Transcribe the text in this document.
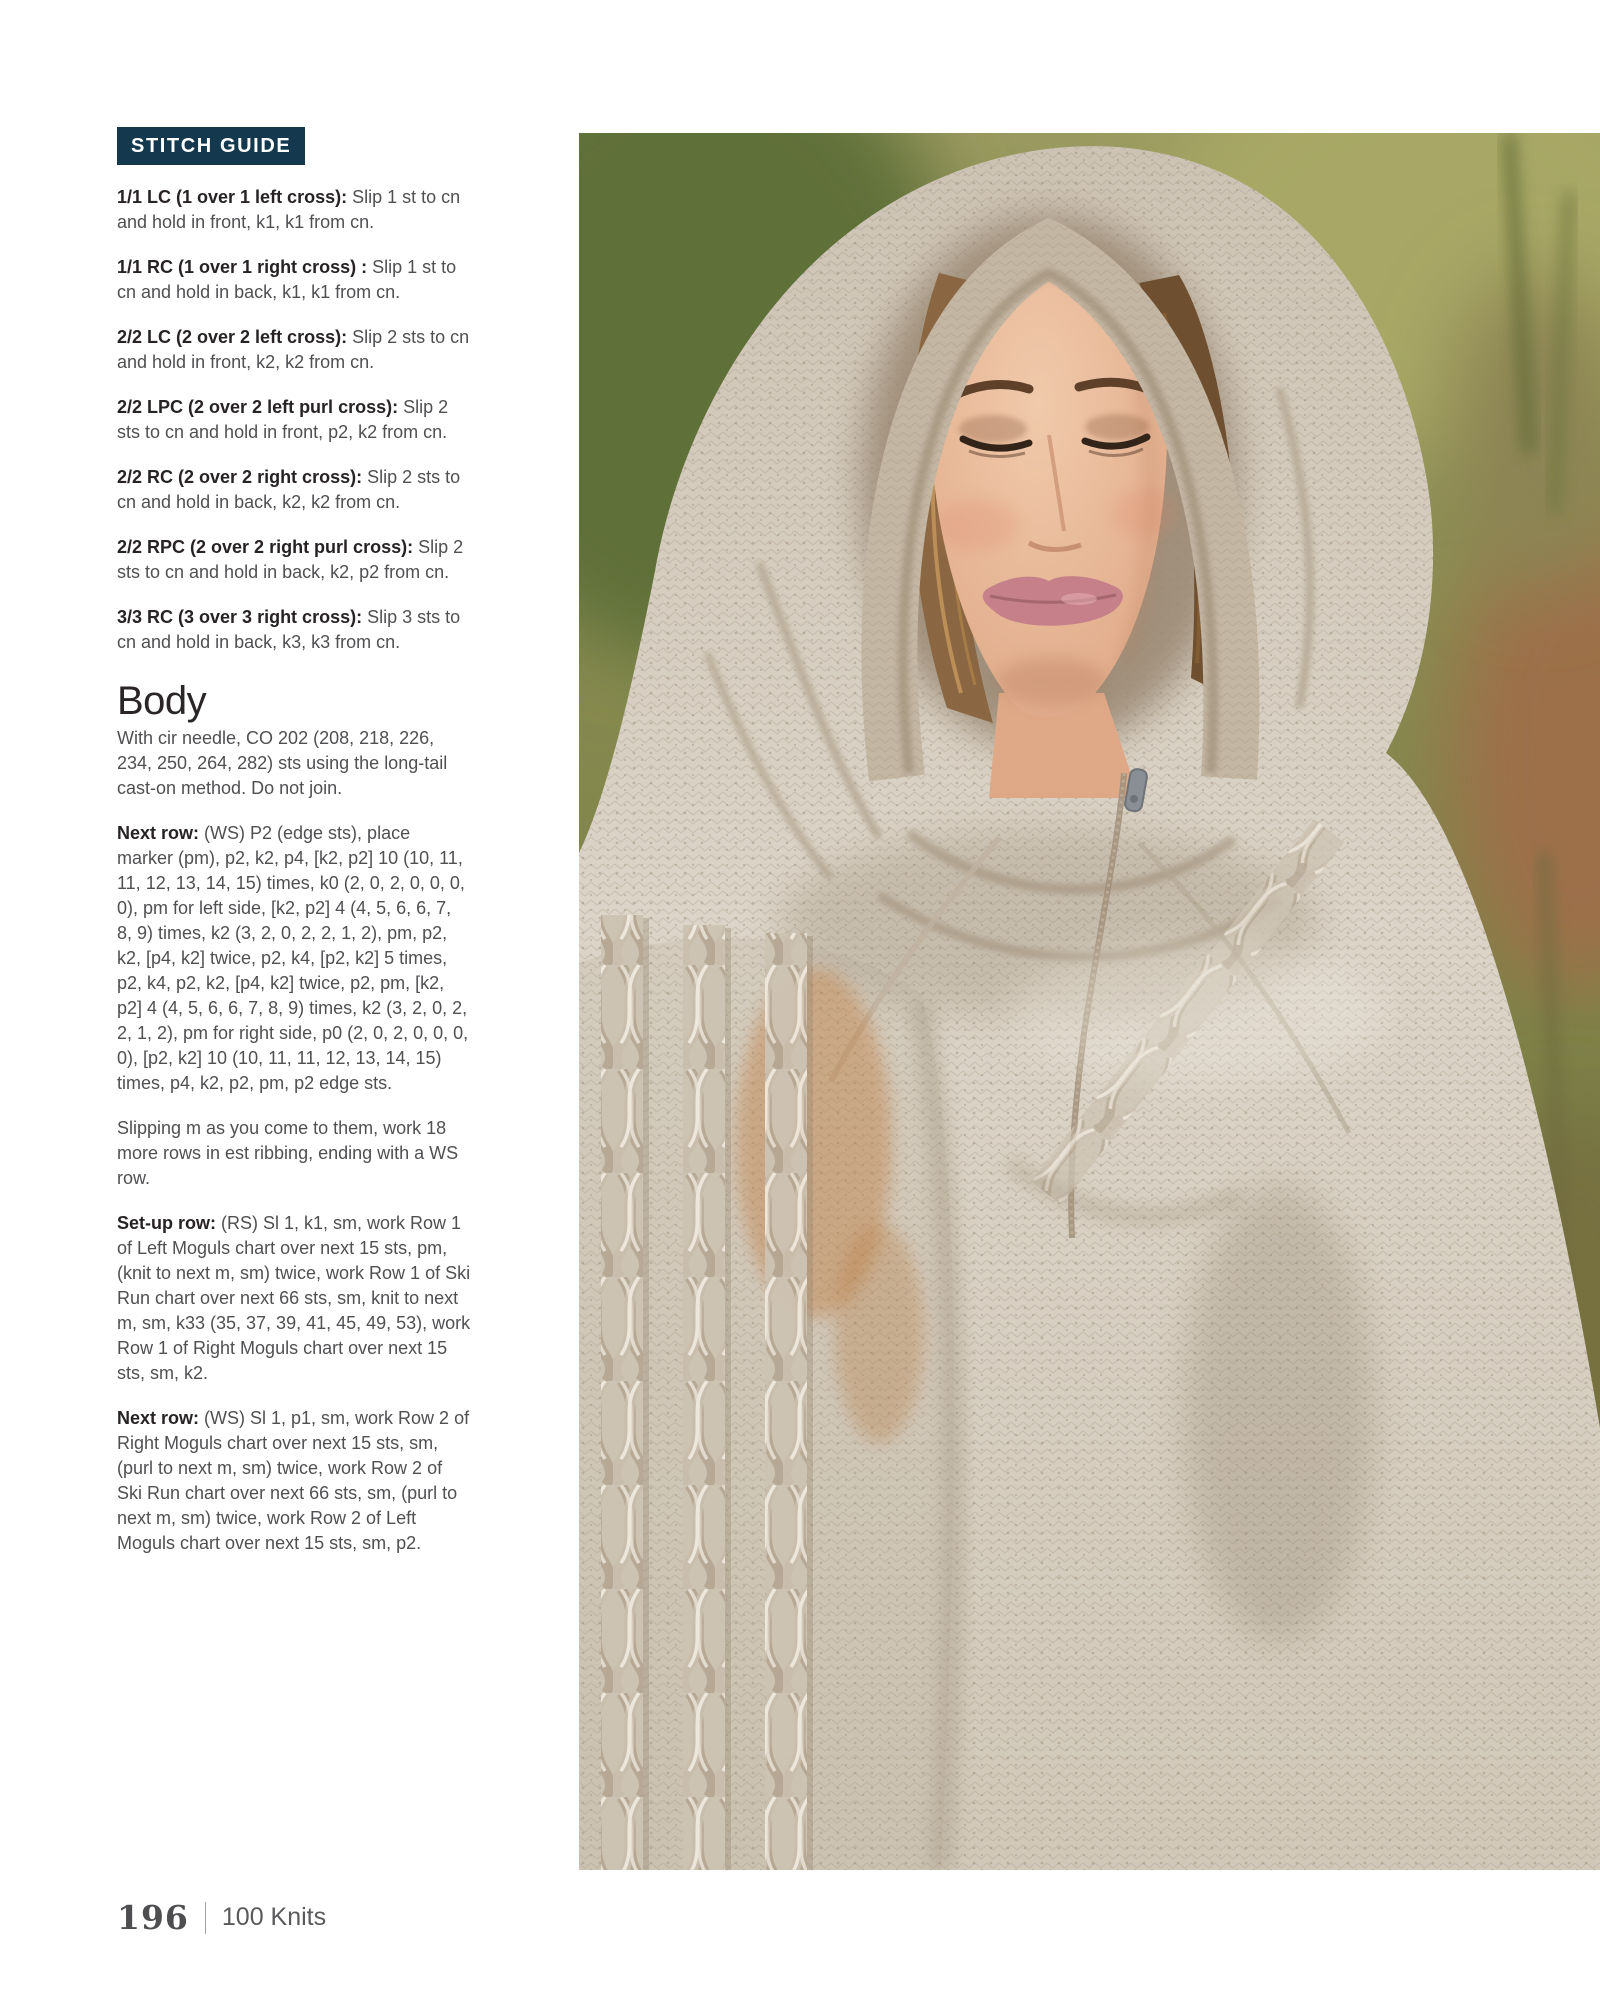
STITCH GUIDE

1/1 LC (1 over 1 left cross): Slip 1 st to cn and hold in front, k1, k1 from cn.

1/1 RC (1 over 1 right cross) : Slip 1 st to cn and hold in back, k1, k1 from cn.

2/2 LC (2 over 2 left cross): Slip 2 sts to cn and hold in front, k2, k2 from cn.

2/2 LPC (2 over 2 left purl cross): Slip 2 sts to cn and hold in front, p2, k2 from cn.

2/2 RC (2 over 2 right cross): Slip 2 sts to cn and hold in back, k2, k2 from cn.

2/2 RPC (2 over 2 right purl cross): Slip 2 sts to cn and hold in back, k2, p2 from cn.

3/3 RC (3 over 3 right cross): Slip 3 sts to cn and hold in back, k3, k3 from cn.

Body

With cir needle, CO 202 (208, 218, 226, 234, 250, 264, 282) sts using the long-tail cast-on method. Do not join.

Next row: (WS) P2 (edge sts), place marker (pm), p2, k2, p4, [k2, p2] 10 (10, 11, 11, 12, 13, 14, 15) times, k0 (2, 0, 2, 0, 0, 0, 0), pm for left side, [k2, p2] 4 (4, 5, 6, 6, 7, 8, 9) times, k2 (3, 2, 0, 2, 2, 1, 2), pm, p2, k2, [p4, k2] twice, p2, k4, [p2, k2] 5 times, p2, k4, p2, k2, [p4, k2] twice, p2, pm, [k2, p2] 4 (4, 5, 6, 6, 7, 8, 9) times, k2 (3, 2, 0, 2, 2, 1, 2), pm for right side, p0 (2, 0, 2, 0, 0, 0, 0), [p2, k2] 10 (10, 11, 11, 12, 13, 14, 15) times, p4, k2, p2, pm, p2 edge sts.

Slipping m as you come to them, work 18 more rows in est ribbing, ending with a WS row.

Set-up row: (RS) Sl 1, k1, sm, work Row 1 of Left Moguls chart over next 15 sts, pm, (knit to next m, sm) twice, work Row 1 of Ski Run chart over next 66 sts, sm, knit to next m, sm, k33 (35, 37, 39, 41, 45, 49, 53), work Row 1 of Right Moguls chart over next 15 sts, sm, k2.

Next row: (WS) Sl 1, p1, sm, work Row 2 of Right Moguls chart over next 15 sts, sm, (purl to next m, sm) twice, work Row 2 of Ski Run chart over next 66 sts, sm, (purl to next m, sm) twice, work Row 2 of Left Moguls chart over next 15 sts, sm, p2.

196 100 Knits
